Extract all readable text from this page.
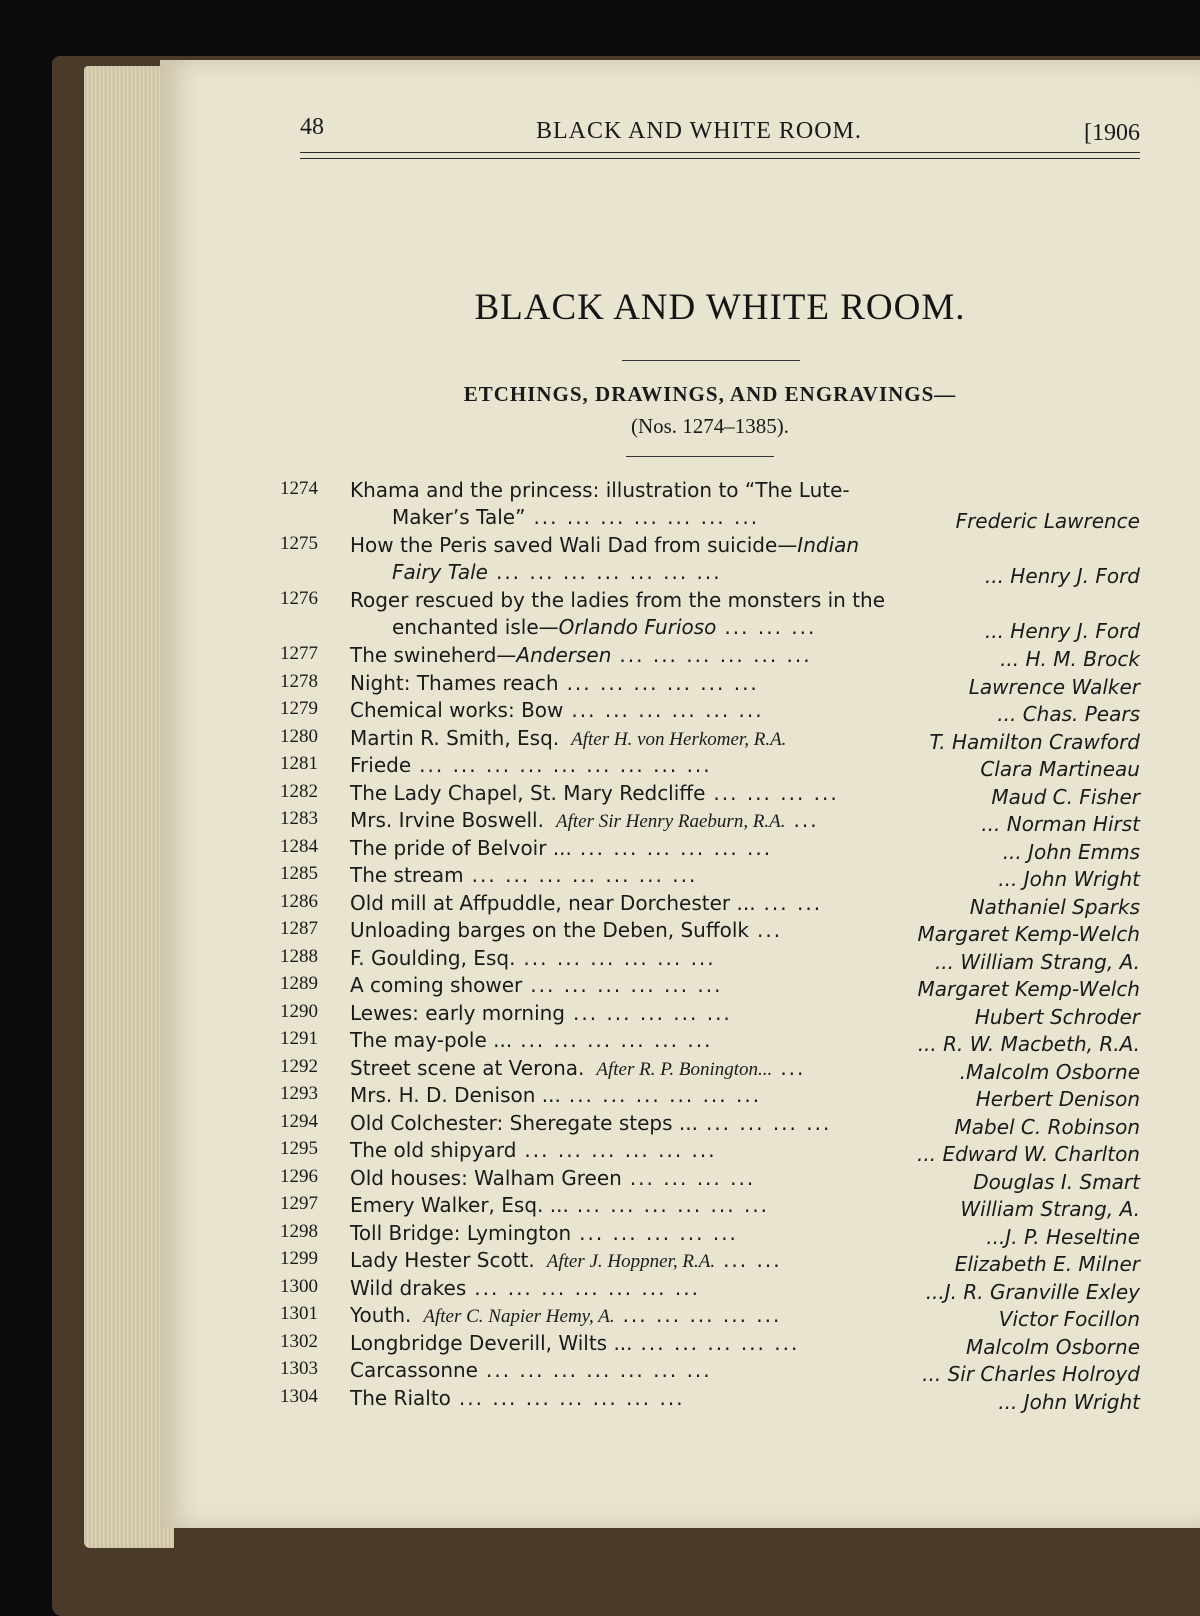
48	BLACK AND WHITE ROOM.	[1906
BLACK AND WHITE ROOM.
ETCHINGS, DRAWINGS, AND ENGRAVINGS—
(Nos. 1274–1385).
1274	Khama and the princess: illustration to “The Lute-
Maker’s Tale” ... ... ... ... ... ... ...	Frederic Lawrence
1275	How the Peris saved Wali Dad from suicide—Indian
Fairy Tale ... ... ... ... ... ... ...	... Henry J. Ford
1276	Roger rescued by the ladies from the monsters in the
enchanted isle—Orlando Furioso ... ... ...	... Henry J. Ford
1277	The swineherd—Andersen ... ... ... ... ... ...	... H. M. Brock
1278	Night: Thames reach ... ... ... ... ... ...	Lawrence Walker
1279	Chemical works: Bow ... ... ... ... ... ...	... Chas. Pears
1280	Martin R. Smith, Esq. After H. von Herkomer, R.A.	T. Hamilton Crawford
1281	Friede ... ... ... ... ... ... ... ... ...	Clara Martineau
1282	The Lady Chapel, St. Mary Redcliffe ... ... ... ...	Maud C. Fisher
1283	Mrs. Irvine Boswell. After Sir Henry Raeburn, R.A. ...	... Norman Hirst
1284	The pride of Belvoir ... ... ... ... ... ... ...	... John Emms
1285	The stream ... ... ... ... ... ... ...	... John Wright
1286	Old mill at Affpuddle, near Dorchester ... ... ...	Nathaniel Sparks
1287	Unloading barges on the Deben, Suffolk ...	Margaret Kemp-Welch
1288	F. Goulding, Esq. ... ... ... ... ... ...	... William Strang, A.
1289	A coming shower ... ... ... ... ... ...	Margaret Kemp-Welch
1290	Lewes: early morning ... ... ... ... ...	Hubert Schroder
1291	The may-pole ... ... ... ... ... ... ...	... R. W. Macbeth, R.A.
1292	Street scene at Verona. After R. P. Bonington... ...	.Malcolm Osborne
1293	Mrs. H. D. Denison ... ... ... ... ... ... ...	Herbert Denison
1294	Old Colchester: Sheregate steps ... ... ... ... ...	Mabel C. Robinson
1295	The old shipyard ... ... ... ... ... ...	... Edward W. Charlton
1296	Old houses: Walham Green ... ... ... ...	Douglas I. Smart
1297	Emery Walker, Esq. ... ... ... ... ... ... ...	William Strang, A.
1298	Toll Bridge: Lymington ... ... ... ... ...	...J. P. Heseltine
1299	Lady Hester Scott. After J. Hoppner, R.A. ... ...	Elizabeth E. Milner
1300	Wild drakes ... ... ... ... ... ... ...	...J. R. Granville Exley
1301	Youth. After C. Napier Hemy, A. ... ... ... ... ...	Victor Focillon
1302	Longbridge Deverill, Wilts ... ... ... ... ... ...	Malcolm Osborne
1303	Carcassonne ... ... ... ... ... ... ...	... Sir Charles Holroyd
1304	The Rialto ... ... ... ... ... ... ...	... John Wright
